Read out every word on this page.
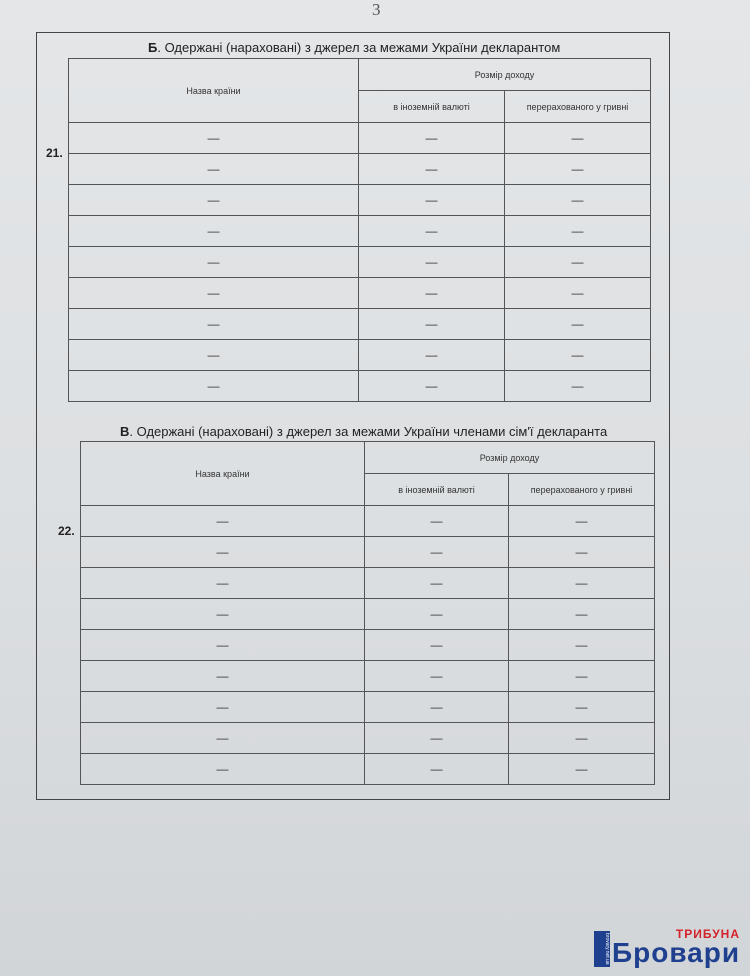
3
Б. Одержані (нараховані) з джерел за межами України декларантом
21.
Назва країни	Розмір доходу	
	в іноземній валюті	перерахованого у гривні
—	—	—
—	—	—
—	—	—
—	—	—
—	—	—
—	—	—
—	—	—
—	—	—
—	—	—
В. Одержані (нараховані) з джерел за межами України членами сім'ї декларанта
22.
Назва країни	Розмір доходу	
	в іноземній валюті	перерахованого у гривні
—	—	—
—	—	—
—	—	—
—	—	—
—	—	—
—	—	—
—	—	—
—	—	—
—	—	—
brovary.net.ua	ТРИБУНА
Бровари
